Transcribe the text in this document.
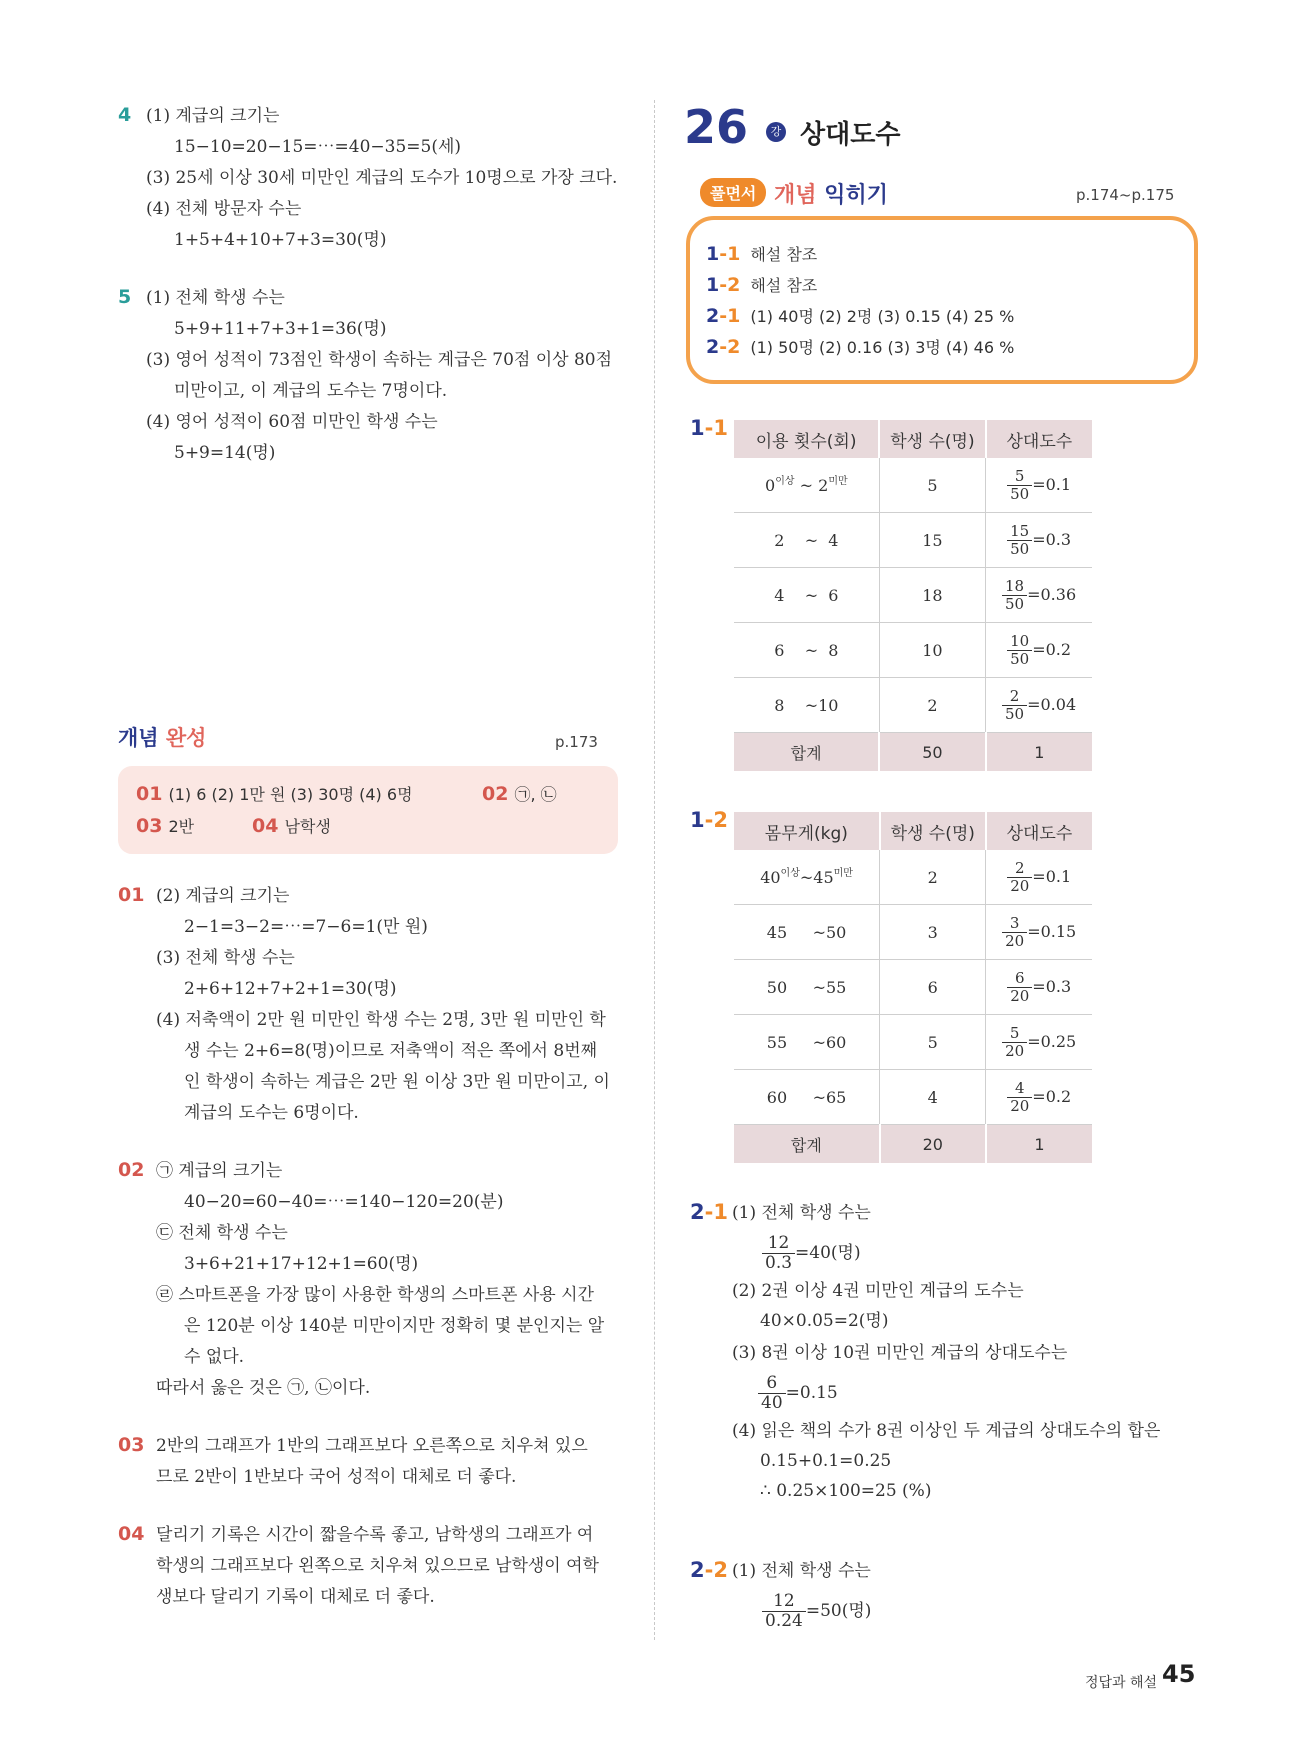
4 (1) 계급의 크기는
15−10=20−15=⋯=40−35=5(세)
(3) 25세 이상 30세 미만인 계급의 도수가 10명으로 가장 크다.
(4) 전체 방문자 수는
1+5+4+10+7+3=30(명)
5 (1) 전체 학생 수는
5+9+11+7+3+1=36(명)
(3) 영어 성적이 73점인 학생이 속하는 계급은 70점 이상 80점
미만이고, 이 계급의 도수는 7명이다.
(4) 영어 성적이 60점 미만인 학생 수는
5+9=14(명)
개념 완성	p.173
01 (1) 6 (2) 1만 원 (3) 30명 (4) 6명	02 ㉠, ㉡
03 2반	04 남학생
01 (2) 계급의 크기는
2−1=3−2=⋯=7−6=1(만 원)
(3) 전체 학생 수는
2+6+12+7+2+1=30(명)
(4) 저축액이 2만 원 미만인 학생 수는 2명, 3만 원 미만인 학
생 수는 2+6=8(명)이므로 저축액이 적은 쪽에서 8번째
인 학생이 속하는 계급은 2만 원 이상 3만 원 미만이고, 이
계급의 도수는 6명이다.
02 ㉠ 계급의 크기는
40−20=60−40=⋯=140−120=20(분)
㉢ 전체 학생 수는
3+6+21+17+12+1=60(명)
㉣ 스마트폰을 가장 많이 사용한 학생의 스마트폰 사용 시간
은 120분 이상 140분 미만이지만 정확히 몇 분인지는 알
수 없다.
따라서 옳은 것은 ㉠, ㉡이다.
03 2반의 그래프가 1반의 그래프보다 오른쪽으로 치우쳐 있으
므로 2반이 1반보다 국어 성적이 대체로 더 좋다.
04 달리기 기록은 시간이 짧을수록 좋고, 남학생의 그래프가 여
학생의 그래프보다 왼쪽으로 치우쳐 있으므로 남학생이 여학
생보다 달리기 기록이 대체로 더 좋다.
26	강 상대도수
풀면서 개념 익히기	p.174~p.175
1-1 해설 참조
1-2 해설 참조
2-1 (1) 40명 (2) 2명 (3) 0.15 (4) 25 %
2-2 (1) 50명 (2) 0.16 (3) 3명 (4) 46 %
1-1
이용 횟수(회)	학생 수(명)	상대도수
$0^{이상}$ ~ $2^{미만}$	5	$\frac{5}{50} =0.1$
2 ~ 4	15	$\frac{15}{50} =0.3$
4 ~ 6	18	$\frac{18}{50} =0.36$
6 ~ 8	10	$\frac{10}{50} =0.2$
8 ~10	2	$\frac{2}{50} =0.04$
합계	50	1
1-2
몸무게(kg)	학생 수(명)	상대도수
$40^{이상}\sim 45^{미만}$	2	$\frac{2}{20} =0.1$
45 ~50	3	$\frac{3}{20} =0.15$
50 ~55	6	$\frac{6}{20} =0.3$
55 ~60	5	$\frac{5}{20} =0.25$
60 ~65	4	$\frac{4}{20} =0.2$
합계	20	1
2-1 (1) 전체 학생 수는
$\frac{12}{0.3} =40$(명)
(2) 2권 이상 4권 미만인 계급의 도수는
40×0.05=2(명)
(3) 8권 이상 10권 미만인 계급의 상대도수는
$\frac{6}{40} =0.15$
(4) 읽은 책의 수가 8권 이상인 두 계급의 상대도수의 합은
0.15+0.1=0.25
∴ 0.25×100=25 (%)
2-2 (1) 전체 학생 수는
$\frac{12}{0.24} =50$(명)
정답과 해설 45
